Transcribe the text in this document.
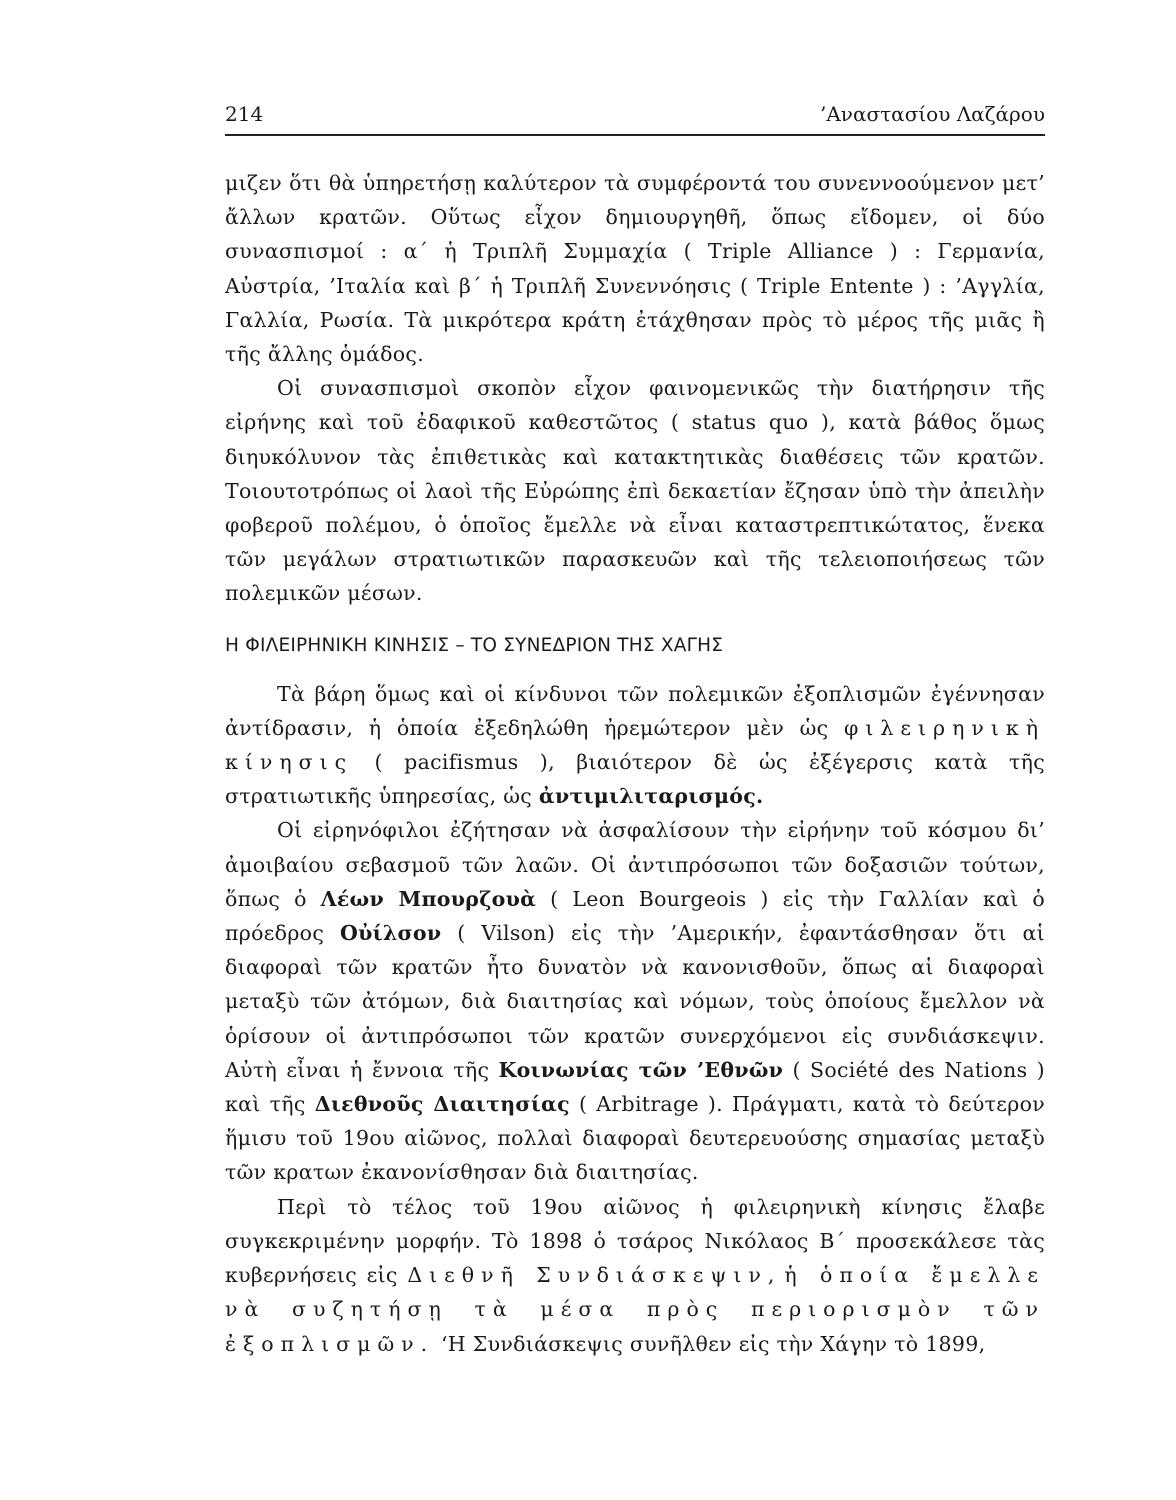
214	’Αναστασίου Λαζάρου

μιζεν ὅτι θὰ ὑπηρετήσῃ καλύτερον τὰ συμφέροντά του συνεννοούμενον μετ’ ἄλλων κρατῶν. Οὕτως εἶχον δημιουργηθῆ, ὅπως εἴδομεν, οἱ δύο συνασπισμοί : α΄ ἡ Τριπλῆ Συμμαχία ( Triple Alliance ) : Γερμανία, Αὐστρία, ’Ιταλία καὶ β΄ ἡ Τριπλῆ Συνεννόησις ( Triple Entente ) : ’Αγγλία, Γαλλία, Ρωσία. Τὰ μικρότερα κράτη ἐτάχθησαν πρὸς τὸ μέρος τῆς μιᾶς ἢ τῆς ἄλλης ὁμάδος.

Οἱ συνασπισμοὶ σκοπὸν εἶχον φαινομενικῶς τὴν διατήρησιν τῆς εἰρήνης καὶ τοῦ ἐδαφικοῦ καθεστῶτος ( status quo ), κατὰ βάθος ὅμως διηυκόλυνον τὰς ἐπιθετικὰς καὶ κατακτητικὰς διαθέσεις τῶν κρατῶν. Τοιουτοτρόπως οἱ λαοὶ τῆς Εὐρώπης ἐπὶ δεκαετίαν ἔζησαν ὑπὸ τὴν ἀπειλὴν φοβεροῦ πολέμου, ὁ ὁποῖος ἔμελλε νὰ εἶναι καταστρεπτικώτατος, ἕνεκα τῶν μεγάλων στρατιωτικῶν παρασκευῶν καὶ τῆς τελειοποιήσεως τῶν πολεμικῶν μέσων.

Η ΦΙΛΕΙΡΗΝΙΚΗ ΚΙΝΗΣΙΣ – ΤΟ ΣΥΝΕΔΡΙΟΝ ΤΗΣ ΧΑΓΗΣ

Τὰ βάρη ὅμως καὶ οἱ κίνδυνοι τῶν πολεμικῶν ἐξοπλισμῶν ἐγέννησαν ἀντίδρασιν, ἡ ὁποία ἐξεδηλώθη ἠρεμώτερον μὲν ὡς φιλειρηνικὴ κίνησις ( pacifismus ), βιαιότερον δὲ ὡς ἐξέγερσις κατὰ τῆς στρατιωτικῆς ὑπηρεσίας, ὡς ἀντιμιλιταρισμός.

Οἱ εἰρηνόφιλοι ἐζήτησαν νὰ ἀσφαλίσουν τὴν εἰρήνην τοῦ κόσμου δι’ ἀμοιβαίου σεβασμοῦ τῶν λαῶν. Οἱ ἀντιπρόσωποι τῶν δοξασιῶν τούτων, ὅπως ὁ Λέων Μπουρζουὰ ( Leon Bourgeois ) εἰς τὴν Γαλλίαν καὶ ὁ πρόεδρος Οὐίλσον ( Vilson) εἰς τὴν ’Αμερικήν, ἐφαντάσθησαν ὅτι αἱ διαφοραὶ τῶν κρατῶν ἦτο δυνατὸν νὰ κανονισθοῦν, ὅπως αἱ διαφοραὶ μεταξὺ τῶν ἀτόμων, διὰ διαιτησίας καὶ νόμων, τοὺς ὁποίους ἔμελλον νὰ ὁρίσουν οἱ ἀντιπρόσωποι τῶν κρατῶν συνερχόμενοι εἰς συνδιάσκεψιν. Αὐτὴ εἶναι ἡ ἔννοια τῆς Κοινωνίας τῶν ’Εθνῶν ( Société des Nations ) καὶ τῆς Διεθνοῦς Διαιτησίας ( Arbitrage ). Πράγματι, κατὰ τὸ δεύτερον ἥμισυ τοῦ 19ου αἰῶνος, πολλαὶ διαφοραὶ δευτερευούσης σημασίας μεταξὺ τῶν κρατων ἐκανονίσθησαν διὰ διαιτησίας.

Περὶ τὸ τέλος τοῦ 19ου αἰῶνος ἡ φιλειρηνικὴ κίνησις ἔλαβε συγκεκριμένην μορφήν. Τὸ 1898 ὁ τσάρος Νικόλαος Β΄ προσεκάλεσε τὰς κυβερνήσεις εἰς Διεθνῆ Συνδιάσκεψιν, ἡ ὁποία ἔμελλε νὰ συζητήσῃ τὰ μέσα πρὸς περιορισμὸν τῶν ἐξοπλισμῶν. ‘Η Συνδιάσκεψις συνῆλθεν εἰς τὴν Χάγην τὸ 1899,
